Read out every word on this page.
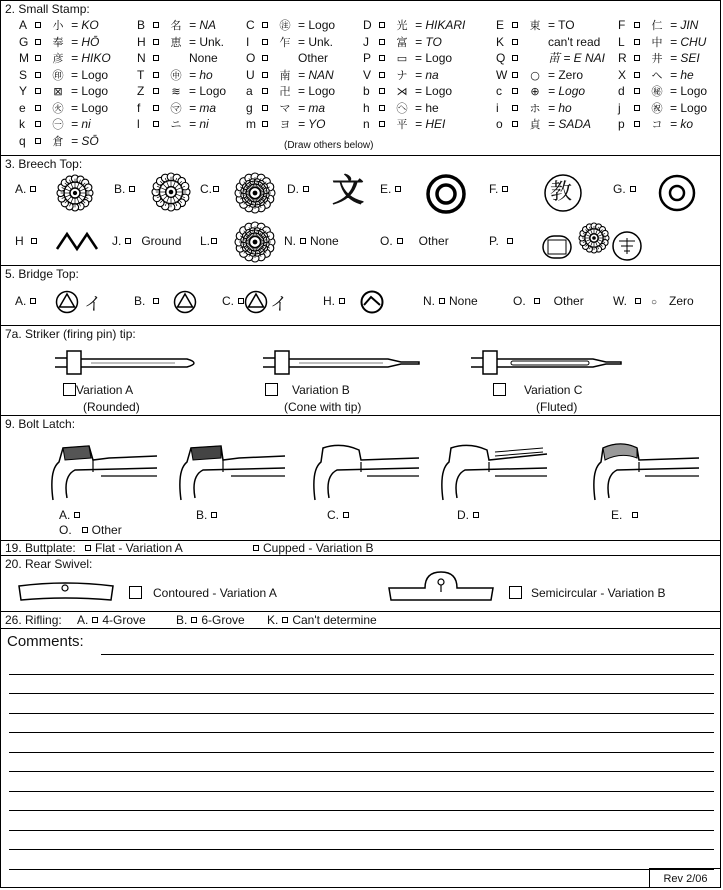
2. Small Stamp:
A 小 = KO	B 名 = NA C ㊟ = Logo D 光 = HIKARI	E 東 = TO	F 仁 = JIN
G 奉 = HŌ	H 恵 = Unk. I	乍 = Unk. J	富 = TO	K	can't read L 中 = CHU
M 彦 = HIKO N	None O	Other	P ▭ = Logo	Q	苗 = E NAI R 井 = SEI
S ㊞ = Logo T ㊥ = ho	U 南 = NAN V ナ = na	W ○ = Zero	X ヘ = he
Y ⊠ = Logo Z ≋ = Logo a 卍 = Logo b ⋊ = Logo	c	⊕ = Logo	d ㊙ = Logo
e ㊋ = Logo f	㋮ = ma g マ = ma	h ㋬ = he	i	ホ = ho	j	㊗ = Logo
k	㊀ = ni	l	ニ = ni	m ヨ = YO	n 平 = HEI	o 貞 = SADA p コ = ko
q 倉 = SŌ	(Draw others below)
3. Breech Top:
A.	B.	C.	D.	文 E.	F.	教	G.
H	J. Ground L.	N. None	O. Other	P.
5. Bridge Top:
A.	イ	B.	C.	イ	H.	N. None	O. Other W. ○ Zero
7a. Striker (firing pin) tip:
Variation A
(Rounded)
Variation B
(Cone with tip)
Variation C
(Fluted)
9. Bolt Latch:
A.	B.	C.	D.	E.
O. Other
19. Buttplate:	Flat - Variation A	Cupped - Variation B
20. Rear Swivel:
Contoured - Variation A	Semicircular - Variation B
26. Rifling: A. 4-Grove	B. 6-Grove K. Can't determine
Comments:
Rev 2/06
